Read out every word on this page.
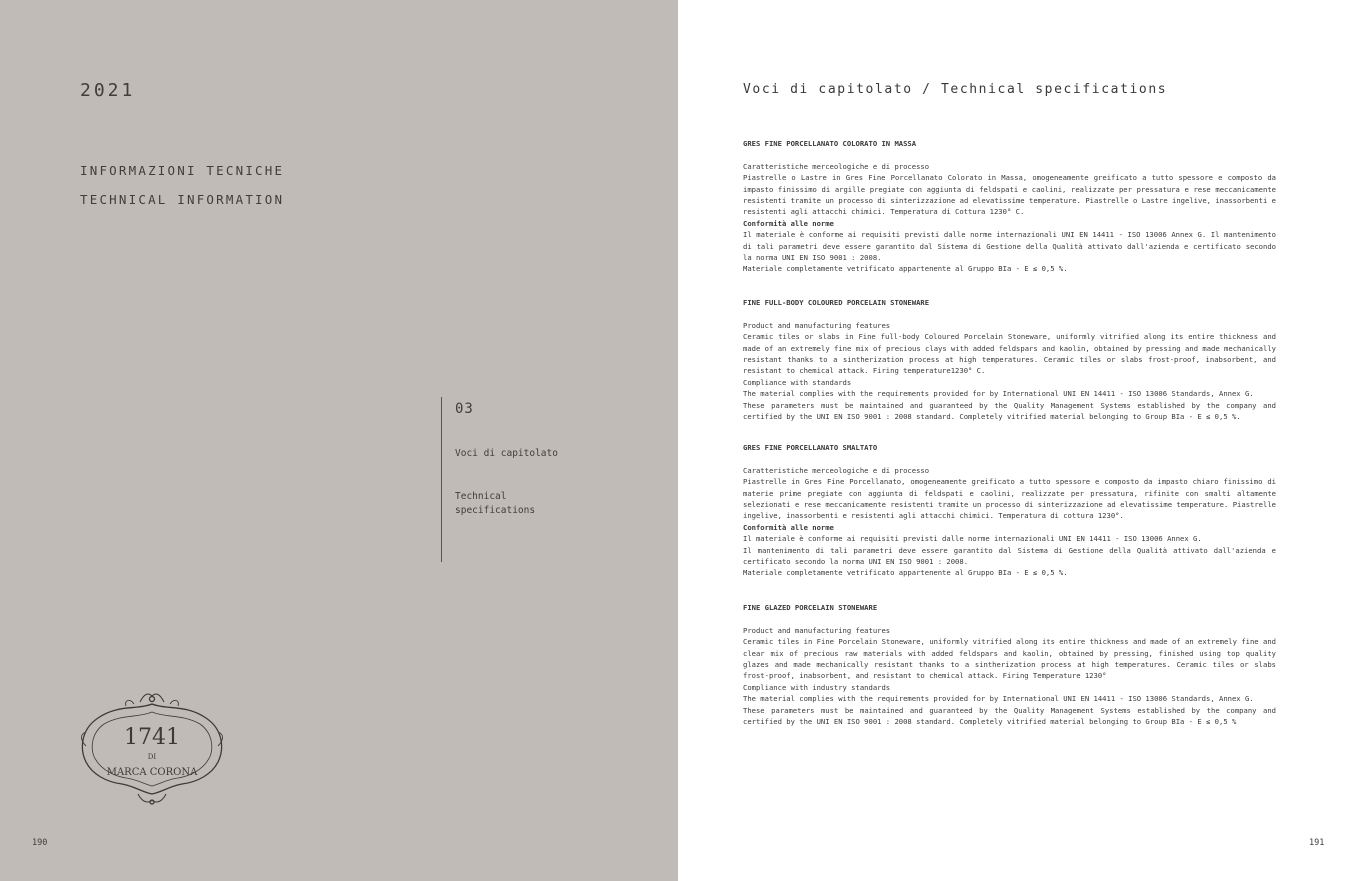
2021
INFORMAZIONI TECNICHE
TECHNICAL INFORMATION
03
Voci di capitolato
Technical specifications
1741
DI
MARCA CORONA
190
Voci di capitolato / Technical specifications
GRES FINE PORCELLANATO COLORATO IN MASSA
Caratteristiche merceologiche e di processo
Piastrelle o Lastre in Gres Fine Porcellanato Colorato in Massa, omogeneamente greificato a tutto spessore e composto da impasto finissimo di argille pregiate con aggiunta di feldspati e caolini, realizzate per pressatura e rese meccanicamente resistenti tramite un processo di sinterizzazione ad elevatissime temperature. Piastrelle o Lastre ingelive, inassorbenti e resistenti agli attacchi chimici. Temperatura di Cottura 1230° C.
Conformità alle norme
Il materiale è conforme ai requisiti previsti dalle norme internazionali UNI EN 14411 - ISO 13006 Annex G. Il mantenimento di tali parametri deve essere garantito dal Sistema di Gestione della Qualità attivato dall'azienda e certificato secondo la norma UNI EN ISO 9001 : 2008.
Materiale completamente vetrificato appartenente al Gruppo BIa - E ≤ 0,5 %.
FINE FULL-BODY COLOURED PORCELAIN STONEWARE
Product and manufacturing features
Ceramic tiles or slabs in Fine full-body Coloured Porcelain Stoneware, uniformly vitrified along its entire thickness and made of an extremely fine mix of precious clays with added feldspars and kaolin, obtained by pressing and made mechanically resistant thanks to a sintherization process at high temperatures. Ceramic tiles or slabs frost-proof, inabsorbent, and resistant to chemical attack. Firing temperature1230° C.
Compliance with standards
The material complies with the requirements provided for by International UNI EN 14411 - ISO 13006 Standards, Annex G.
These parameters must be maintained and guaranteed by the Quality Management Systems established by the company and certified by the UNI EN ISO 9001 : 2008 standard. Completely vitrified material belonging to Group BIa - E ≤ 0,5 %.
GRES FINE PORCELLANATO SMALTATO
Caratteristiche merceologiche e di processo
Piastrelle in Gres Fine Porcellanato, omogeneamente greificato a tutto spessore e composto da impasto chiaro finissimo di materie prime pregiate con aggiunta di feldspati e caolini, realizzate per pressatura, rifinite con smalti altamente selezionati e rese meccanicamente resistenti tramite un processo di sinterizzazione ad elevatissime temperature. Piastrelle ingelive, inassorbenti e resistenti agli attacchi chimici. Temperatura di cottura 1230°.
Conformità alle norme
Il materiale è conforme ai requisiti previsti dalle norme internazionali UNI EN 14411 - ISO 13006 Annex G.
Il mantenimento di tali parametri deve essere garantito dal Sistema di Gestione della Qualità attivato dall'azienda e certificato secondo la norma UNI EN ISO 9001 : 2008.
Materiale completamente vetrificato appartenente al Gruppo BIa - E ≤ 0,5 %.
FINE GLAZED PORCELAIN STONEWARE
Product and manufacturing features
Ceramic tiles in Fine Porcelain Stoneware, uniformly vitrified along its entire thickness and made of an extremely fine and clear mix of precious raw materials with added feldspars and kaolin, obtained by pressing, finished using top quality glazes and made mechanically resistant thanks to a sintherization process at high temperatures. Ceramic tiles or slabs frost-proof, inabsorbent, and resistant to chemical attack. Firing Temperature 1230°
Compliance with industry standards
The material complies with the requirements provided for by International UNI EN 14411 - ISO 13006 Standards, Annex G.
These parameters must be maintained and guaranteed by the Quality Management Systems established by the company and certified by the UNI EN ISO 9001 : 2008 standard. Completely vitrified material belonging to Group BIa - E ≤ 0,5 %
191
